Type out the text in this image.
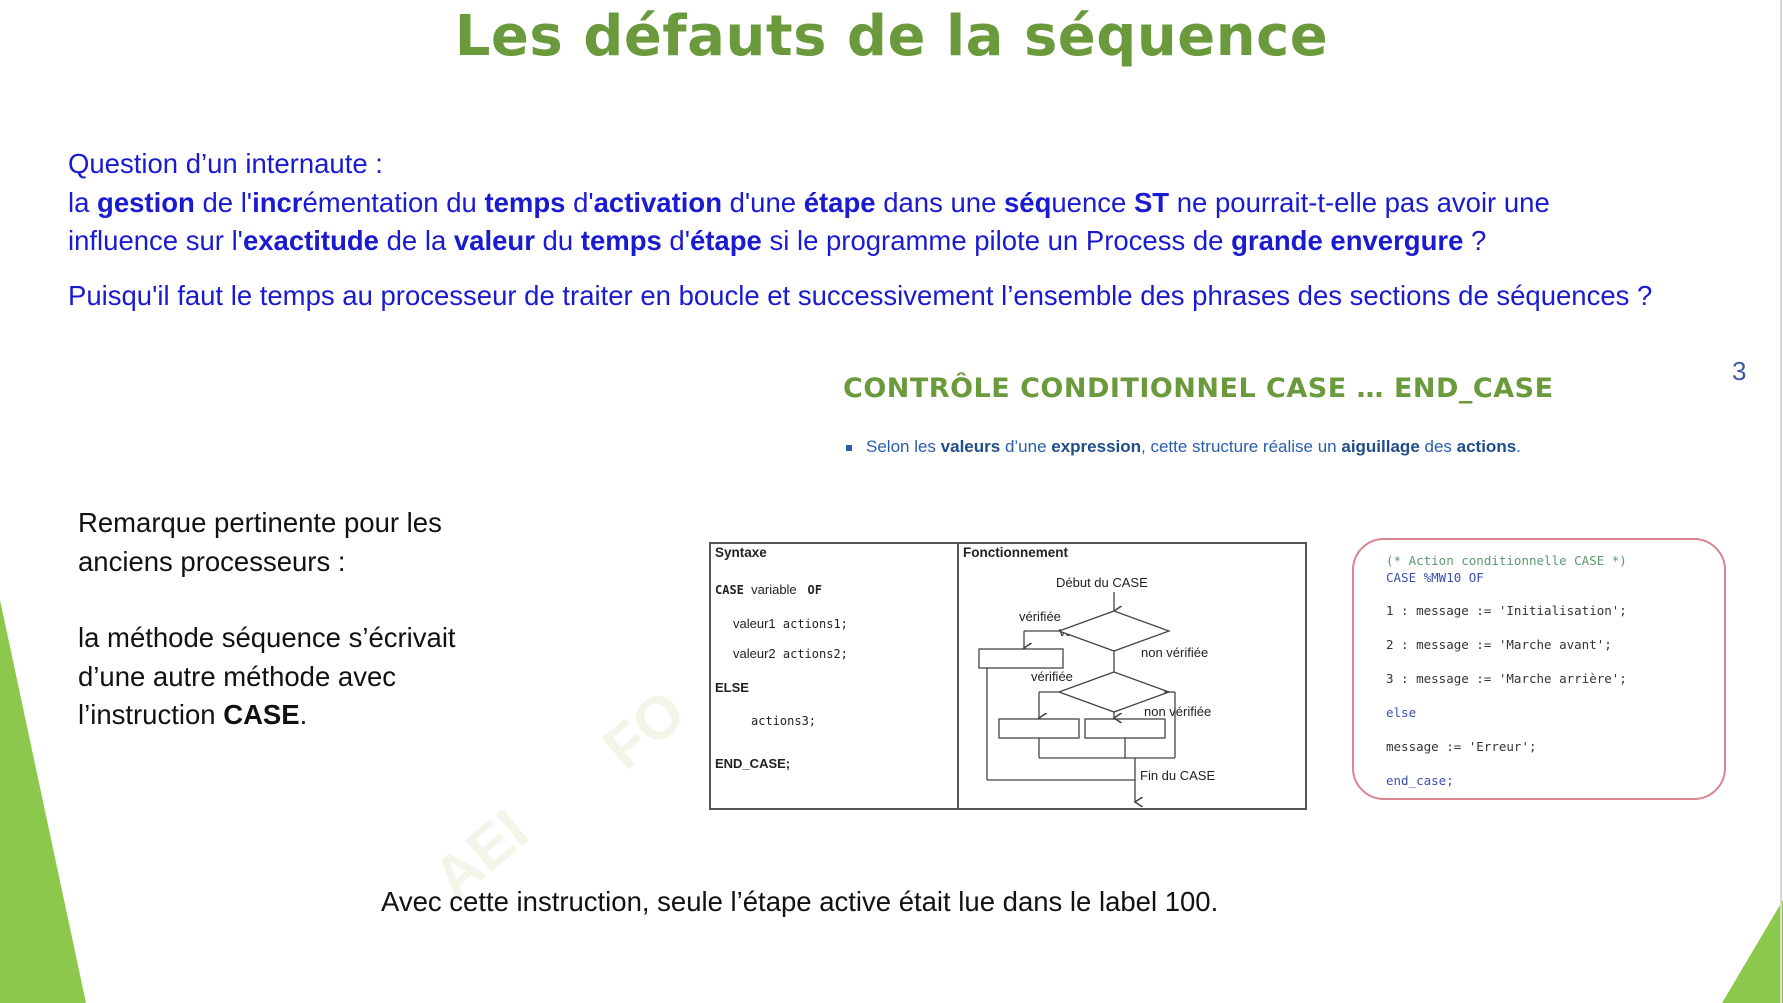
AEI
FO
Les défauts de la séquence

Question d’un internaute :

la gestion de l'incrémentation du temps d'activation d'une étape dans une séquence ST ne pourrait-t-elle pas avoir une

influence sur l'exactitude de la valeur du temps d'étape si le programme pilote un Process de grande envergure ?

Puisqu'il faut le temps au processeur de traiter en boucle et successivement l’ensemble des phrases des sections de séquences ?

CONTRÔLE CONDITIONNEL CASE … END_CASE
Selon les valeurs d’une expression, cette structure réalise un aiguillage des actions.
3

Remarque pertinente pour les

anciens processeurs :

la méthode séquence s’écrivait

d’une autre méthode avec

l’instruction CASE.

Syntaxe
CASE variable OF
valeur1 actions1;
valeur2 actions2;
ELSE
actions3;
END_CASE;
Fonctionnement
Début du CASE
vérifiée
non vérifiée
vérifiée
non vérifiée
Fin du CASE
(* Action conditionnelle CASE *)
CASE %MW10 OF
1 : message := 'Initialisation';
2 : message := 'Marche avant';
3 : message := 'Marche arrière';
else
message := 'Erreur';
end_case;
Avec cette instruction, seule l’étape active était lue dans le label 100.
